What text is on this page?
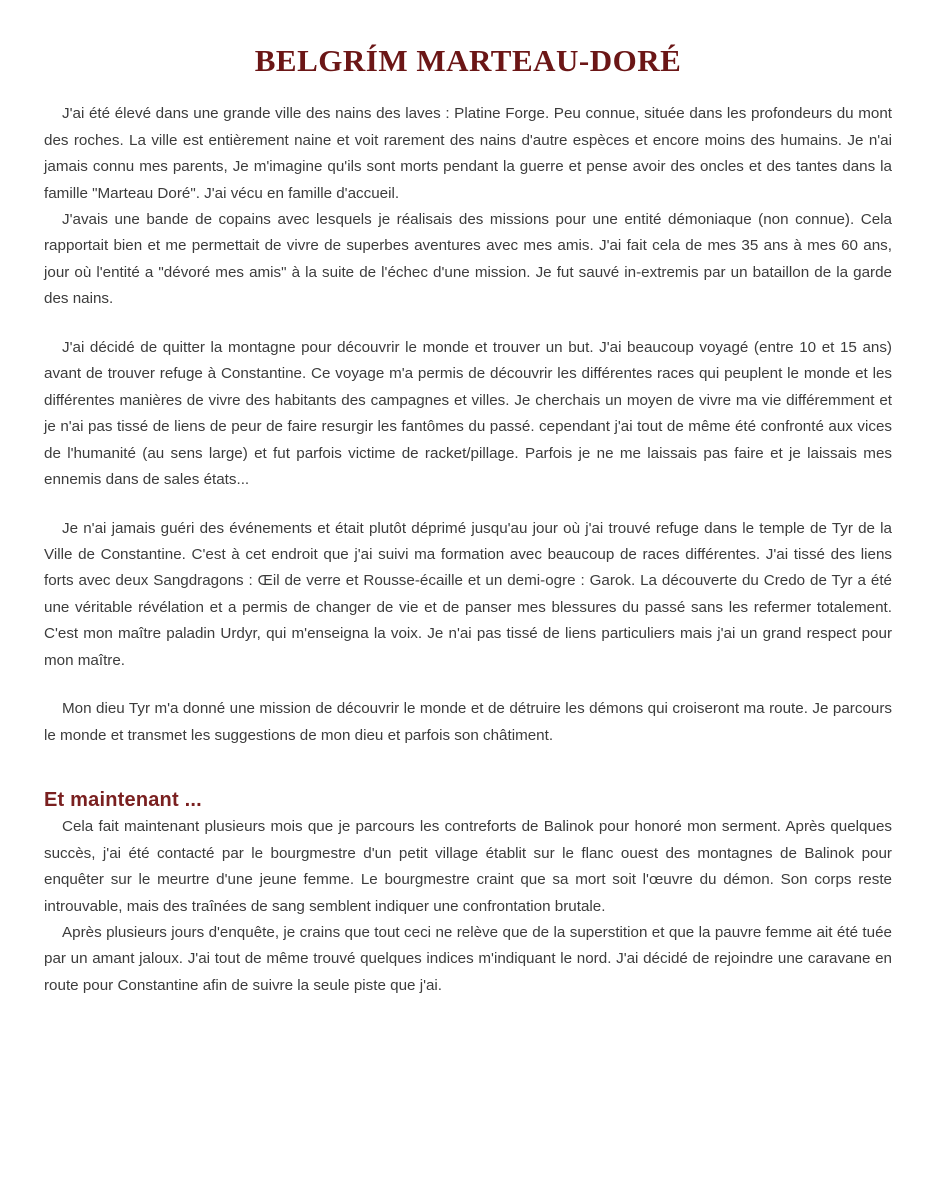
BELGRÍM MARTEAU-DORÉ

J'ai été élevé dans une grande ville des nains des laves : Platine Forge. Peu connue, située dans les profondeurs du mont des roches. La ville est entièrement naine et voit rarement des nains d'autre espèces et encore moins des humains. Je n'ai jamais connu mes parents, Je m'imagine qu'ils sont morts pendant la guerre et pense avoir des oncles et des tantes dans la famille "Marteau Doré". J'ai vécu en famille d'accueil.

J'avais une bande de copains avec lesquels je réalisais des missions pour une entité démoniaque (non connue). Cela rapportait bien et me permettait de vivre de superbes aventures avec mes amis. J'ai fait cela de mes 35 ans à mes 60 ans, jour où l'entité a "dévoré mes amis" à la suite de l'échec d'une mission. Je fut sauvé in-extremis par un bataillon de la garde des nains.

J'ai décidé de quitter la montagne pour découvrir le monde et trouver un but. J'ai beaucoup voyagé (entre 10 et 15 ans) avant de trouver refuge à Constantine. Ce voyage m'a permis de découvrir les différentes races qui peuplent le monde et les différentes manières de vivre des habitants des campagnes et villes. Je cherchais un moyen de vivre ma vie différemment et je n'ai pas tissé de liens de peur de faire resurgir les fantômes du passé. cependant j'ai tout de même été confronté aux vices de l'humanité (au sens large) et fut parfois victime de racket/pillage. Parfois je ne me laissais pas faire et je laissais mes ennemis dans de sales états...

Je n'ai jamais guéri des événements et était plutôt déprimé jusqu'au jour où j'ai trouvé refuge dans le temple de Tyr de la Ville de Constantine. C'est à cet endroit que j'ai suivi ma formation avec beaucoup de races différentes. J'ai tissé des liens forts avec deux Sangdragons : Œil de verre et Rousse-écaille et un demi-ogre : Garok. La découverte du Credo de Tyr a été une véritable révélation et a permis de changer de vie et de panser mes blessures du passé sans les refermer totalement. C'est mon maître paladin Urdyr, qui m'enseigna la voix. Je n'ai pas tissé de liens particuliers mais j'ai un grand respect pour mon maître.

Mon dieu Tyr m'a donné une mission de découvrir le monde et de détruire les démons qui croiseront ma route. Je parcours le monde et transmet les suggestions de mon dieu et parfois son châtiment.

Et maintenant ...

Cela fait maintenant plusieurs mois que je parcours les contreforts de Balinok pour honoré mon serment. Après quelques succès, j'ai été contacté par le bourgmestre d'un petit village établit sur le flanc ouest des montagnes de Balinok pour enquêter sur le meurtre d'une jeune femme. Le bourgmestre craint que sa mort soit l'œuvre du démon. Son corps reste introuvable, mais des traînées de sang semblent indiquer une confrontation brutale.

Après plusieurs jours d'enquête, je crains que tout ceci ne relève que de la superstition et que la pauvre femme ait été tuée par un amant jaloux. J'ai tout de même trouvé quelques indices m'indiquant le nord. J'ai décidé de rejoindre une caravane en route pour Constantine afin de suivre la seule piste que j'ai.
